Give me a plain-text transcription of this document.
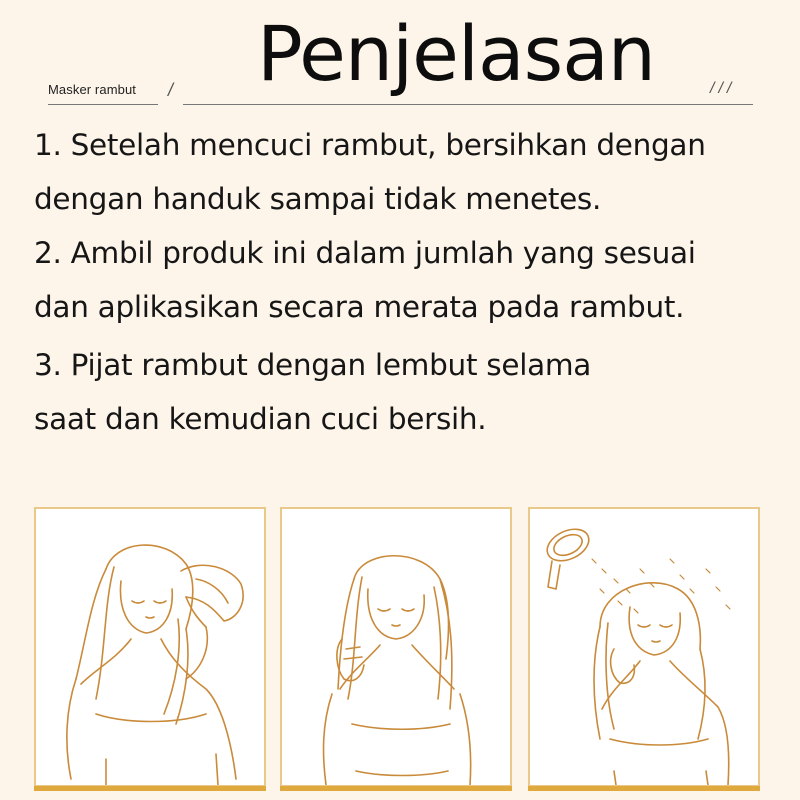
Masker rambut / Penjelasan	///
1. Setelah mencuci rambut, bersihkan dengan
dengan handuk sampai tidak menetes.
2. Ambil produk ini dalam jumlah yang sesuai
dan aplikasikan secara merata pada rambut.
3. Pijat rambut dengan lembut selama
saat dan kemudian cuci bersih.
